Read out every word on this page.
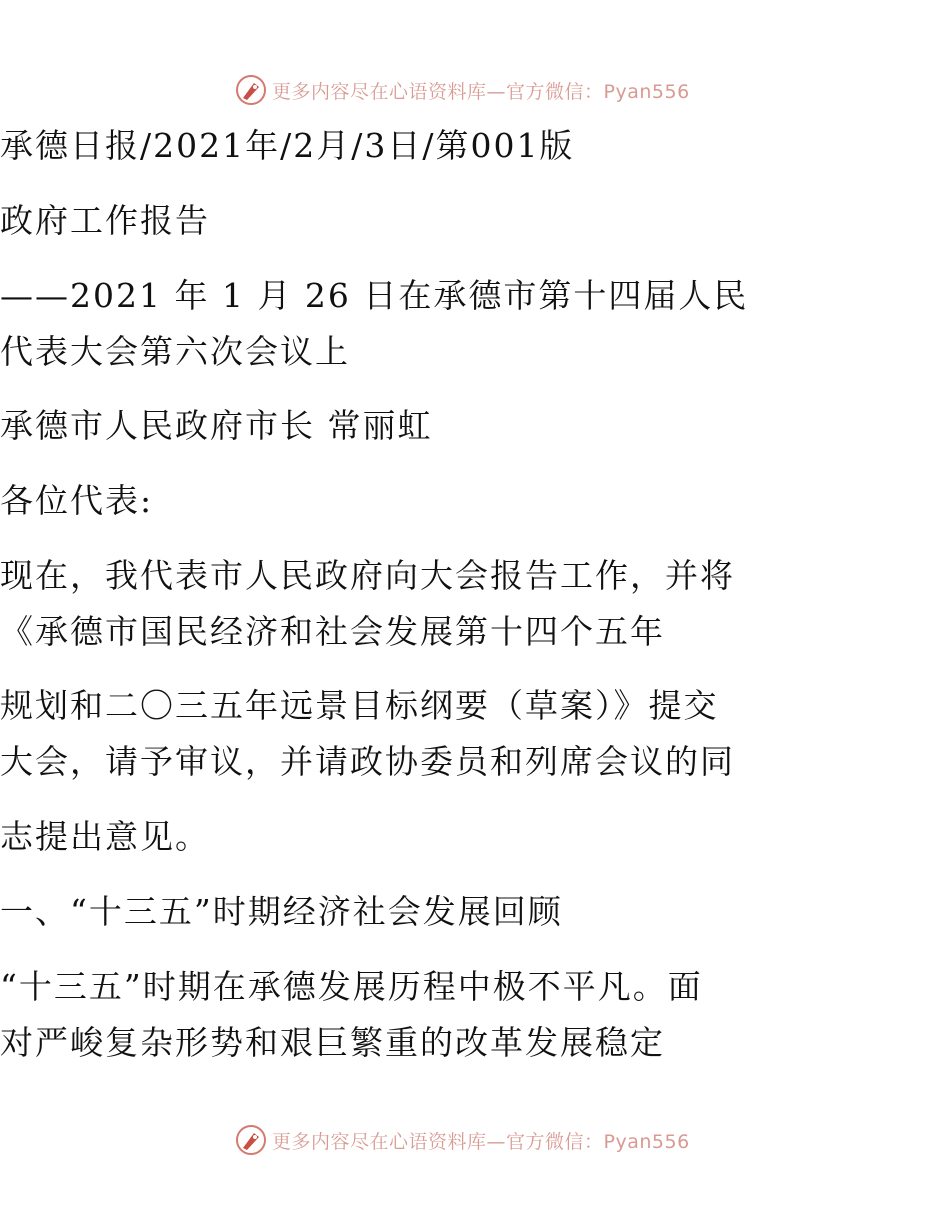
更多内容尽在心语资料库—官方微信：Pyan556
承德日报/2021年/2月/3日/第001版
政府工作报告
——2021 年 1 月 26 日在承德市第十四届人民
代表大会第六次会议上
承德市人民政府市长 常丽虹
各位代表:
现在，我代表市人民政府向大会报告工作，并将
《承德市国民经济和社会发展第十四个五年
规划和二〇三五年远景目标纲要（草案）》提交
大会，请予审议，并请政协委员和列席会议的同
志提出意见。
一、“十三五”时期经济社会发展回顾
“十三五”时期在承德发展历程中极不平凡。面
对严峻复杂形势和艰巨繁重的改革发展稳定
更多内容尽在心语资料库—官方微信：Pyan556
